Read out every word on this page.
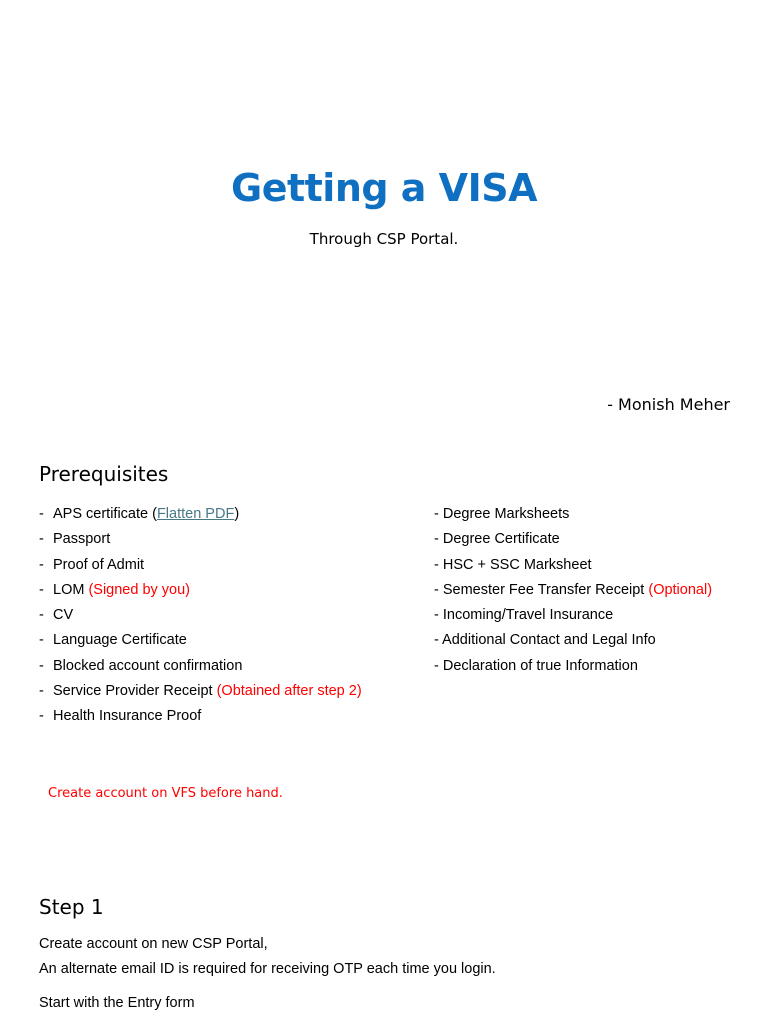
Getting a VISA

Through CSP Portal.

- Monish Meher

Prerequisites
- APS certificate (Flatten PDF)
- Passport
- Proof of Admit
- LOM (Signed by you)
- CV
- Language Certificate
- Blocked account confirmation
- Service Provider Receipt (Obtained after step 2)
- Health Insurance Proof
- Degree Marksheets
- Degree Certificate
- HSC + SSC Marksheet
- Semester Fee Transfer Receipt (Optional)
- Incoming/Travel Insurance
- Additional Contact and Legal Info
- Declaration of true Information

Create account on VFS before hand.

Step 1

Create account on new CSP Portal,

An alternate email ID is required for receiving OTP each time you login.

Start with the Entry form
